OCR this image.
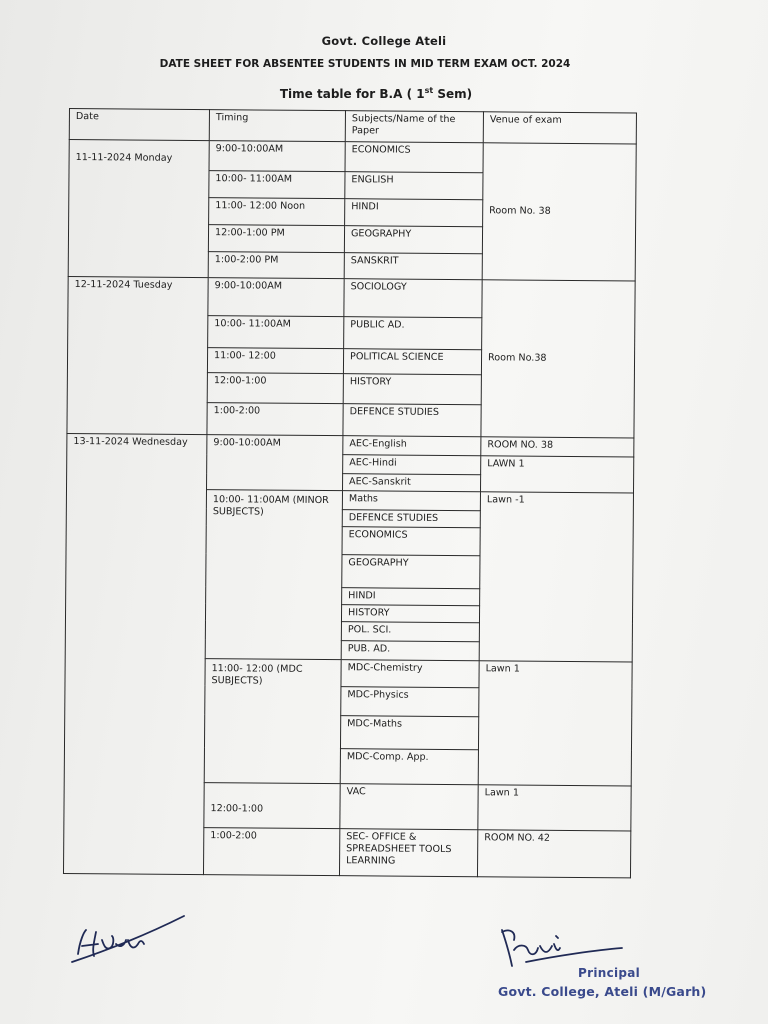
Govt. College Ateli
DATE SHEET FOR ABSENTEE STUDENTS IN MID TERM EXAM OCT. 2024
Time table for B.A ( 1st Sem)
Date	Timing	Subjects/Name of the Paper	Venue of exam
11-11-2024 Monday	9:00-10:00AM	ECONOMICS	Room No. 38
	10:00- 11:00AM	ENGLISH	
	11:00- 12:00 Noon	HINDI	
	12:00-1:00 PM	GEOGRAPHY	
	1:00-2:00 PM	SANSKRIT	
12-11-2024 Tuesday	9:00-10:00AM	SOCIOLOGY	Room No.38
	10:00- 11:00AM	PUBLIC AD.	
	11:00- 12:00	POLITICAL SCIENCE	
	12:00-1:00	HISTORY	
	1:00-2:00	DEFENCE STUDIES	
13-11-2024 Wednesday	9:00-10:00AM	AEC-English	ROOM NO. 38
		AEC-Hindi	LAWN 1
		AEC-Sanskrit	
	10:00- 11:00AM (MINOR SUBJECTS)	Maths	Lawn -1
		DEFENCE STUDIES	
		ECONOMICS	
		GEOGRAPHY	
		HINDI	
		HISTORY	
		POL. SCI.	
		PUB. AD.	
	11:00- 12:00 (MDC SUBJECTS)	MDC-Chemistry	Lawn 1
		MDC-Physics	
		MDC-Maths	
		MDC-Comp. App.	
	12:00-1:00	VAC	Lawn 1
	1:00-2:00	SEC- OFFICE & SPREADSHEET TOOLS LEARNING	ROOM NO. 42
Principal
Govt. College, Ateli (M/Garh)
